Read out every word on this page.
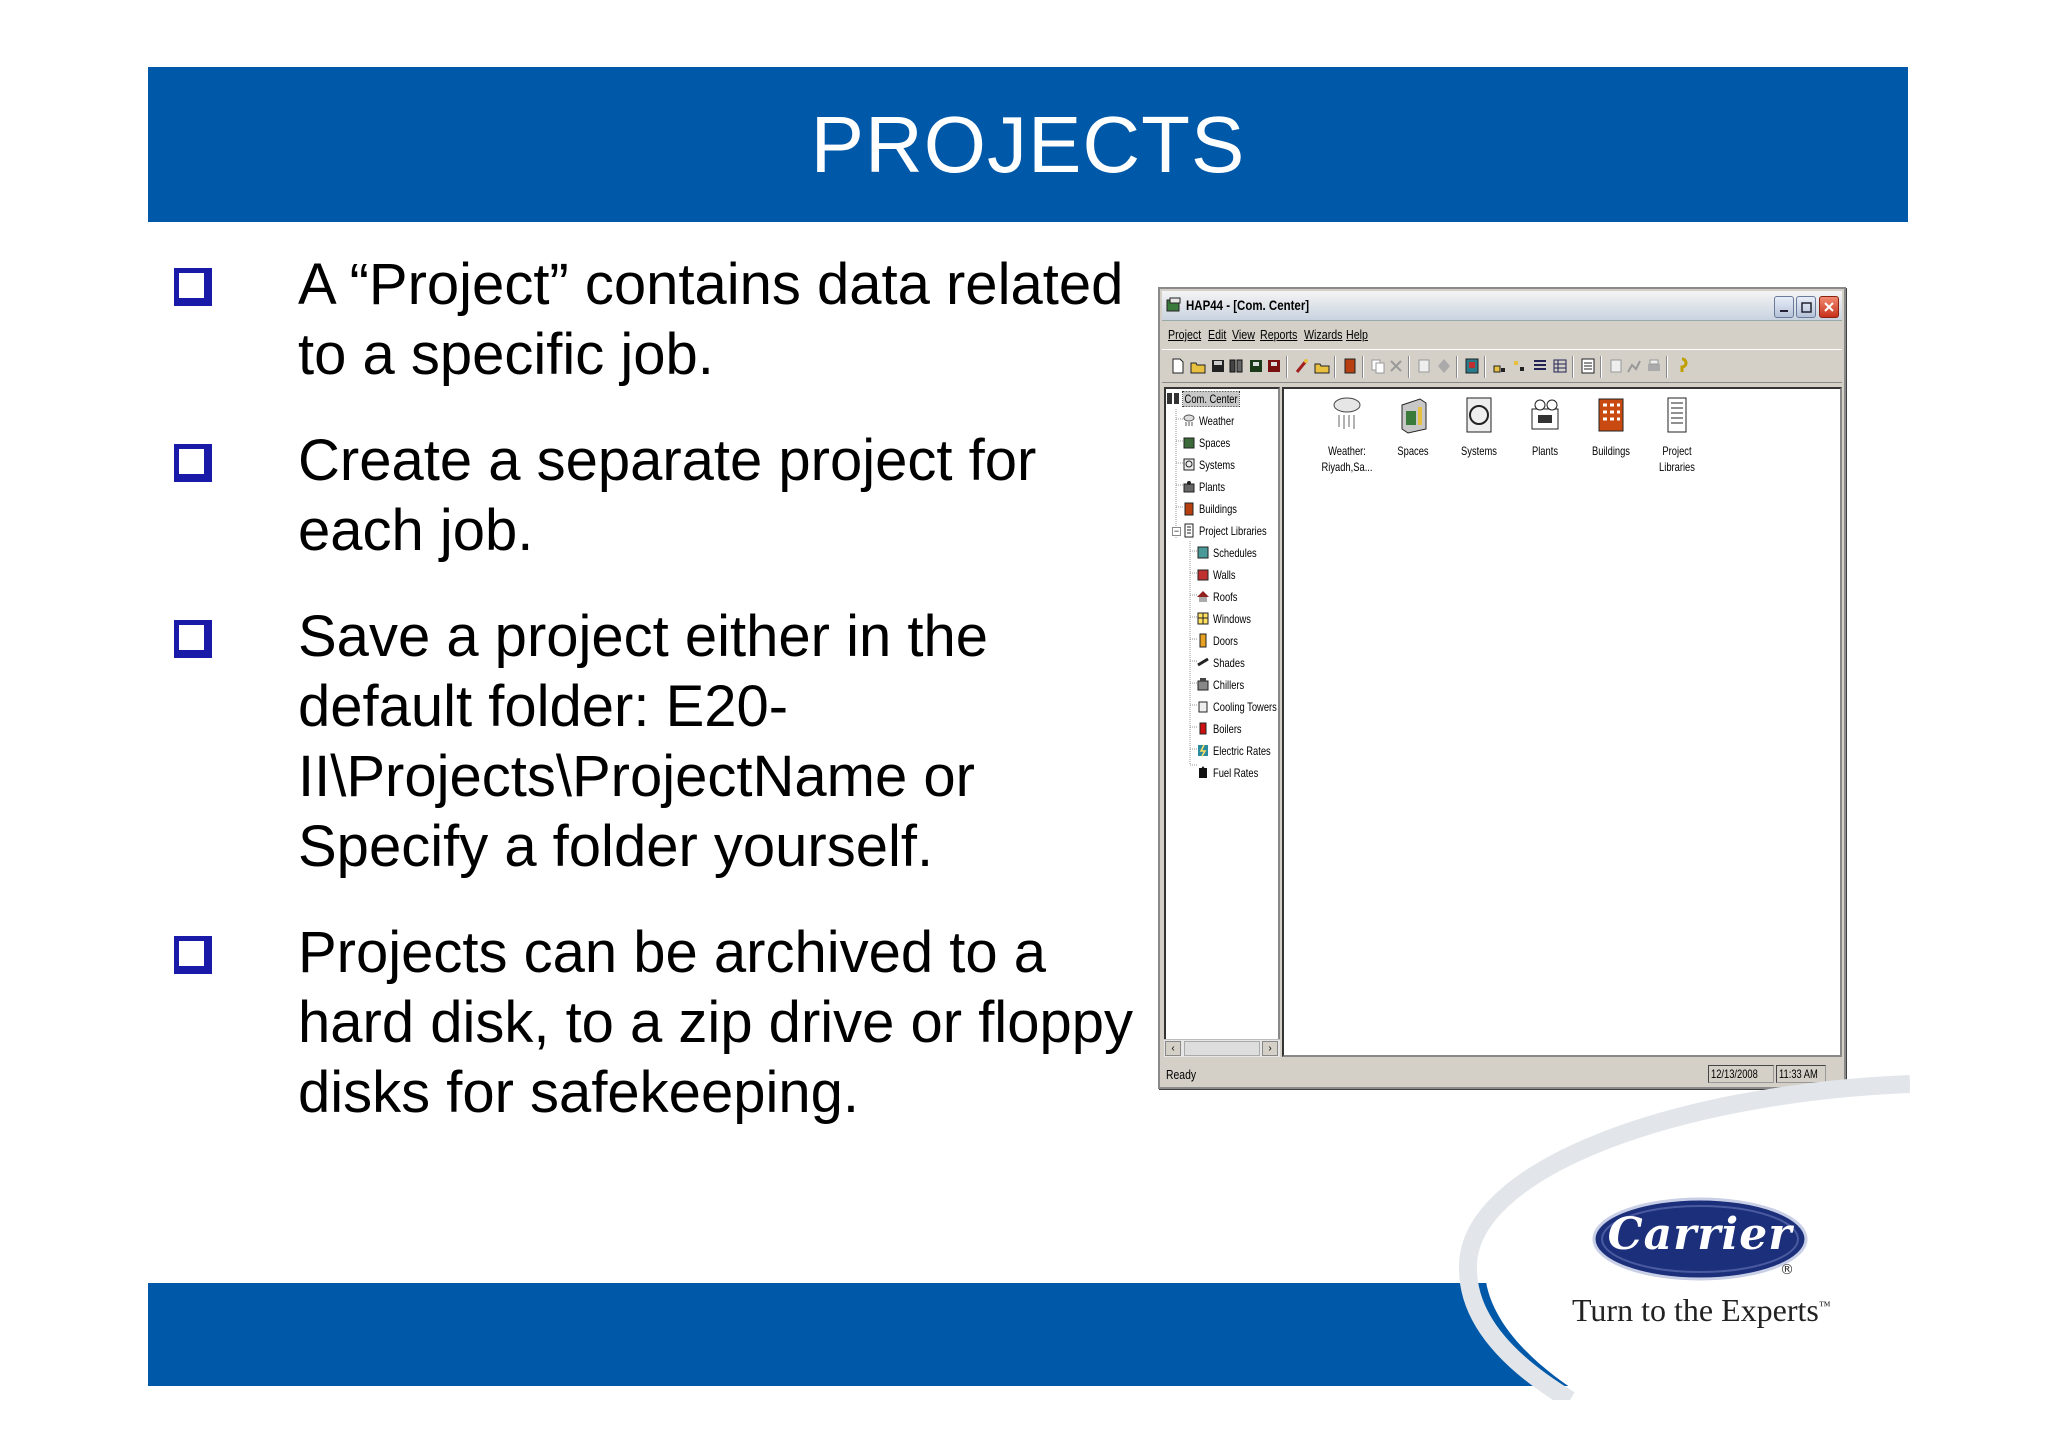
PROJECTS
A “Project” contains data related
to a specific job.
Create a separate project for
each job.
Save a project either in the
default folder: E20-
II\Projects\ProjectName or
Specify a folder yourself.
Projects can be archived to a
hard disk, to a zip drive or floppy
disks for safekeeping.
HAP44 - [Com. Center]
Project Edit View Reports Wizards Help
−
Com. Center
Weather
Spaces
Systems
Plants
Buildings
Project Libraries
Schedules
Walls
Roofs
Windows
Doors
Shades
Chillers
Cooling Towers
Boilers
Electric Rates
Fuel Rates
‹	›
Weather:
Riyadh,Sa...
Spaces	Systems	Plants	Buildings	Project
Libraries
Ready	12/13/2008	11:33 AM
Carrier
®
Turn to the Experts™
